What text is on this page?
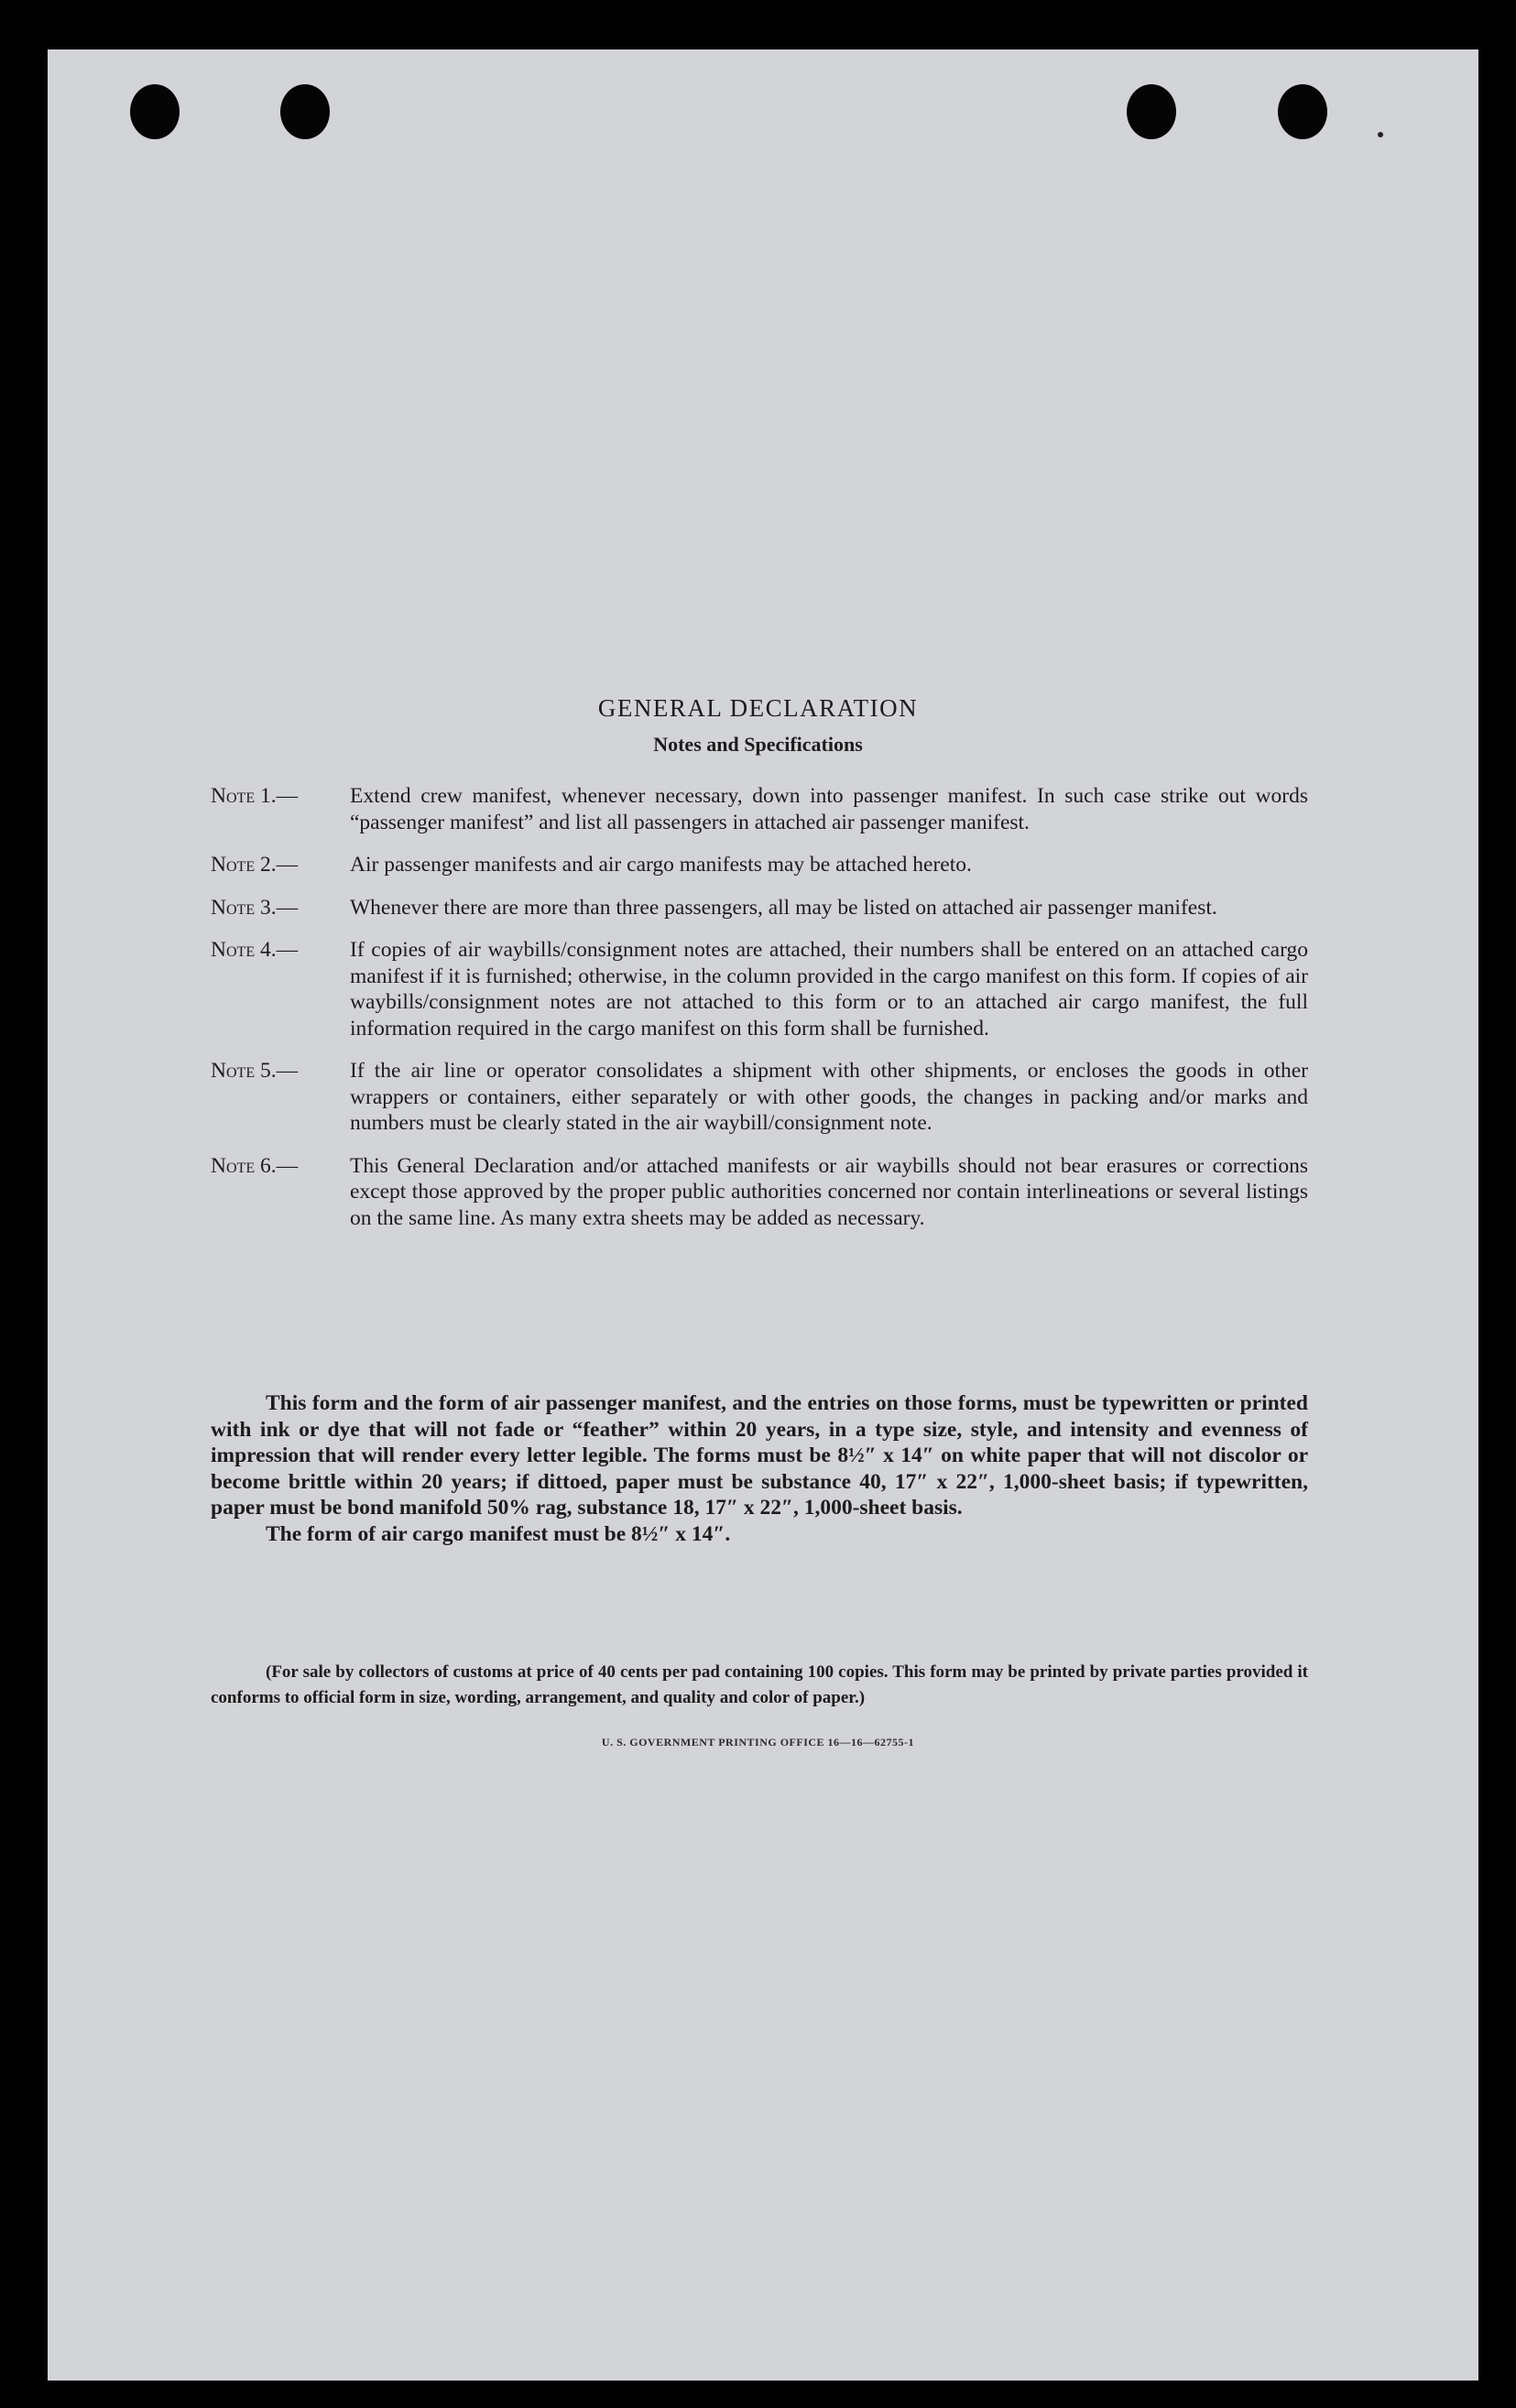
GENERAL DECLARATION
Notes and Specifications
Note 1.— Extend crew manifest, whenever necessary, down into passenger manifest. In such case strike out words “passenger manifest” and list all passengers in attached air passenger manifest.
Note 2.— Air passenger manifests and air cargo manifests may be attached hereto.
Note 3.— Whenever there are more than three passengers, all may be listed on attached air passenger manifest.
Note 4.— If copies of air waybills/consignment notes are attached, their numbers shall be entered on an attached cargo manifest if it is furnished; otherwise, in the column provided in the cargo manifest on this form. If copies of air waybills/consignment notes are not attached to this form or to an attached air cargo manifest, the full information required in the cargo manifest on this form shall be furnished.
Note 5.— If the air line or operator consolidates a shipment with other shipments, or encloses the goods in other wrappers or containers, either separately or with other goods, the changes in packing and/or marks and numbers must be clearly stated in the air waybill/consignment note.
Note 6.— This General Declaration and/or attached manifests or air waybills should not bear erasures or corrections except those approved by the proper public authorities concerned nor contain interlineations or several listings on the same line. As many extra sheets may be added as necessary.

This form and the form of air passenger manifest, and the entries on those forms, must be typewritten or printed with ink or dye that will not fade or “feather” within 20 years, in a type size, style, and intensity and evenness of impression that will render every letter legible. The forms must be 8½″ x 14″ on white paper that will not discolor or become brittle within 20 years; if dittoed, paper must be substance 40, 17″ x 22″, 1,000-sheet basis; if typewritten, paper must be bond manifold 50% rag, substance 18, 17″ x 22″, 1,000-sheet basis.

The form of air cargo manifest must be 8½″ x 14″.

(For sale by collectors of customs at price of 40 cents per pad containing 100 copies. This form may be printed by private parties provided it conforms to official form in size, wording, arrangement, and quality and color of paper.)

U. S. GOVERNMENT PRINTING OFFICE 16—16—62755-1
